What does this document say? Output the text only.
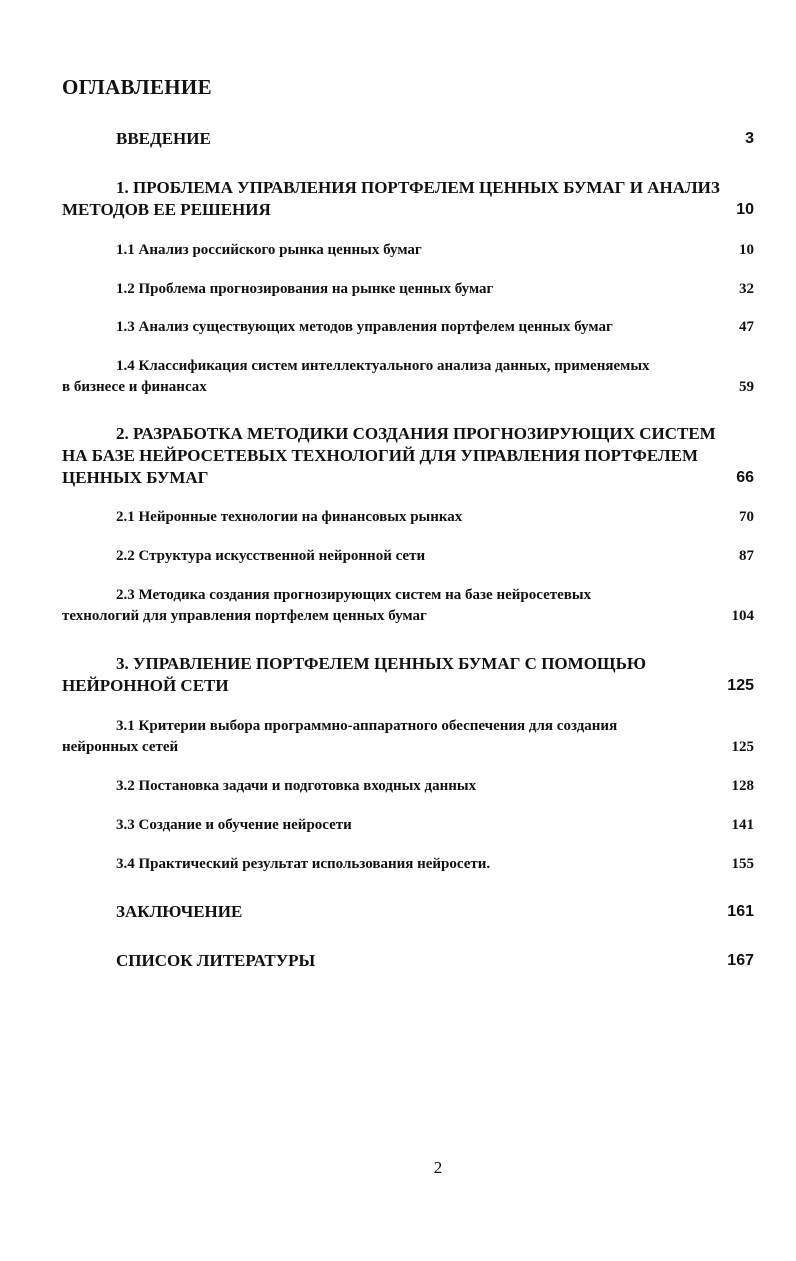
ОГЛАВЛЕНИЕ
ВВЕДЕНИЕ	3
1. ПРОБЛЕМА УПРАВЛЕНИЯ ПОРТФЕЛЕМ ЦЕННЫХ БУМАГ И АНАЛИЗ
МЕТОДОВ ЕЕ РЕШЕНИЯ	10
1.1 Анализ российского рынка ценных бумаг	10
1.2 Проблема прогнозирования на рынке ценных бумаг	32
1.3 Анализ существующих методов управления портфелем ценных бумаг	47
1.4 Классификация систем интеллектуального анализа данных, применяемых
в бизнесе и финансах	59
2. РАЗРАБОТКА МЕТОДИКИ СОЗДАНИЯ ПРОГНОЗИРУЮЩИХ СИСТЕМ
НА БАЗЕ НЕЙРОСЕТЕВЫХ ТЕХНОЛОГИЙ ДЛЯ УПРАВЛЕНИЯ ПОРТФЕЛЕМ
ЦЕННЫХ БУМАГ	66
2.1 Нейронные технологии на финансовых рынках	70
2.2 Структура искусственной нейронной сети	87
2.3 Методика создания прогнозирующих систем на базе нейросетевых
технологий для управления портфелем ценных бумаг	104
3. УПРАВЛЕНИЕ ПОРТФЕЛЕМ ЦЕННЫХ БУМАГ С ПОМОЩЬЮ
НЕЙРОННОЙ СЕТИ	125
3.1 Критерии выбора программно-аппаратного обеспечения для создания
нейронных сетей	125
3.2 Постановка задачи и подготовка входных данных	128
3.3 Создание и обучение нейросети	141
3.4 Практический результат использования нейросети.	155
ЗАКЛЮЧЕНИЕ	161
СПИСОК ЛИТЕРАТУРЫ	167
2
